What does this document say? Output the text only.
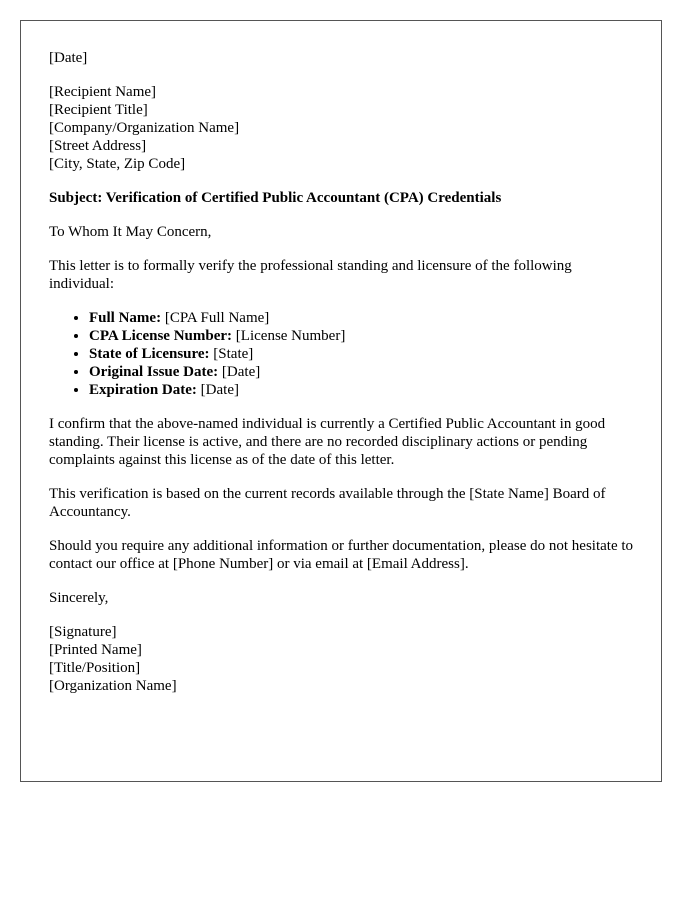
[Date]
[Recipient Name]
[Recipient Title]
[Company/Organization Name]
[Street Address]
[City, State, Zip Code]
Subject: Verification of Certified Public Accountant (CPA) Credentials
To Whom It May Concern,

This letter is to formally verify the professional standing and licensure of the following individual:

• Full Name: [CPA Full Name]
• CPA License Number: [License Number]
• State of Licensure: [State]
• Original Issue Date: [Date]
• Expiration Date: [Date]

I confirm that the above-named individual is currently a Certified Public Accountant in good standing. Their license is active, and there are no recorded disciplinary actions or pending complaints against this license as of the date of this letter.

This verification is based on the current records available through the [State Name] Board of Accountancy.

Should you require any additional information or further documentation, please do not hesitate to contact our office at [Phone Number] or via email at [Email Address].

Sincerely,
[Signature]
[Printed Name]
[Title/Position]
[Organization Name]
